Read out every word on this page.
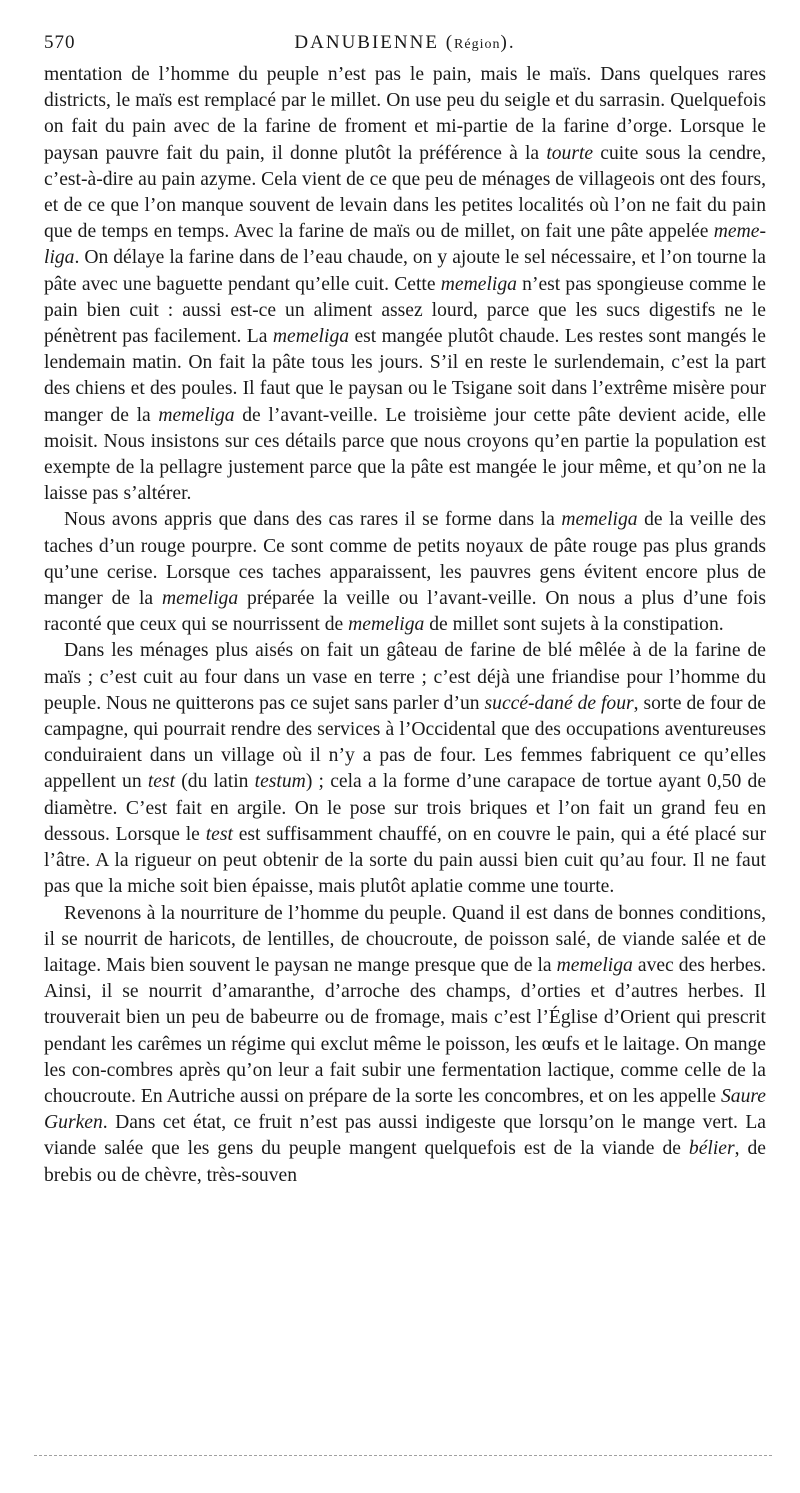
570	DANUBIENNE (Région).

mentation de l’homme du peuple n’est pas le pain, mais le maïs. Dans quelques rares districts, le maïs est remplacé par le millet. On use peu du seigle et du sarrasin. Quelquefois on fait du pain avec de la farine de froment et mi-partie de la farine d’orge. Lorsque le paysan pauvre fait du pain, il donne plutôt la préférence à la tourte cuite sous la cendre, c’est-à-dire au pain azyme. Cela vient de ce que peu de ménages de villageois ont des fours, et de ce que l’on manque souvent de levain dans les petites localités où l’on ne fait du pain que de temps en temps. Avec la farine de maïs ou de millet, on fait une pâte appelée meme-liga. On délaye la farine dans de l’eau chaude, on y ajoute le sel nécessaire, et l’on tourne la pâte avec une baguette pendant qu’elle cuit. Cette memeliga n’est pas spongieuse comme le pain bien cuit : aussi est-ce un aliment assez lourd, parce que les sucs digestifs ne le pénètrent pas facilement. La memeliga est mangée plutôt chaude. Les restes sont mangés le lendemain matin. On fait la pâte tous les jours. S’il en reste le surlendemain, c’est la part des chiens et des poules. Il faut que le paysan ou le Tsigane soit dans l’extrême misère pour manger de la memeliga de l’avant-veille. Le troisième jour cette pâte devient acide, elle moisit. Nous insistons sur ces détails parce que nous croyons qu’en partie la population est exempte de la pellagre justement parce que la pâte est mangée le jour même, et qu’on ne la laisse pas s’altérer.

Nous avons appris que dans des cas rares il se forme dans la memeliga de la veille des taches d’un rouge pourpre. Ce sont comme de petits noyaux de pâte rouge pas plus grands qu’une cerise. Lorsque ces taches apparaissent, les pauvres gens évitent encore plus de manger de la memeliga préparée la veille ou l’avant-veille. On nous a plus d’une fois raconté que ceux qui se nourrissent de memeliga de millet sont sujets à la constipation.

Dans les ménages plus aisés on fait un gâteau de farine de blé mêlée à de la farine de maïs ; c’est cuit au four dans un vase en terre ; c’est déjà une friandise pour l’homme du peuple. Nous ne quitterons pas ce sujet sans parler d’un succé-dané de four, sorte de four de campagne, qui pourrait rendre des services à l’Occidental que des occupations aventureuses conduiraient dans un village où il n’y a pas de four. Les femmes fabriquent ce qu’elles appellent un test (du latin testum) ; cela a la forme d’une carapace de tortue ayant 0,50 de diamètre. C’est fait en argile. On le pose sur trois briques et l’on fait un grand feu en dessous. Lorsque le test est suffisamment chauffé, on en couvre le pain, qui a été placé sur l’âtre. A la rigueur on peut obtenir de la sorte du pain aussi bien cuit qu’au four. Il ne faut pas que la miche soit bien épaisse, mais plutôt aplatie comme une tourte.

Revenons à la nourriture de l’homme du peuple. Quand il est dans de bonnes conditions, il se nourrit de haricots, de lentilles, de choucroute, de poisson salé, de viande salée et de laitage. Mais bien souvent le paysan ne mange presque que de la memeliga avec des herbes. Ainsi, il se nourrit d’amaranthe, d’arroche des champs, d’orties et d’autres herbes. Il trouverait bien un peu de babeurre ou de fromage, mais c’est l’Église d’Orient qui prescrit pendant les carêmes un régime qui exclut même le poisson, les œufs et le laitage. On mange les con-combres après qu’on leur a fait subir une fermentation lactique, comme celle de la choucroute. En Autriche aussi on prépare de la sorte les concombres, et on les appelle Saure Gurken. Dans cet état, ce fruit n’est pas aussi indigeste que lorsqu’on le mange vert. La viande salée que les gens du peuple mangent quelquefois est de la viande de bélier, de brebis ou de chèvre, très-souven
